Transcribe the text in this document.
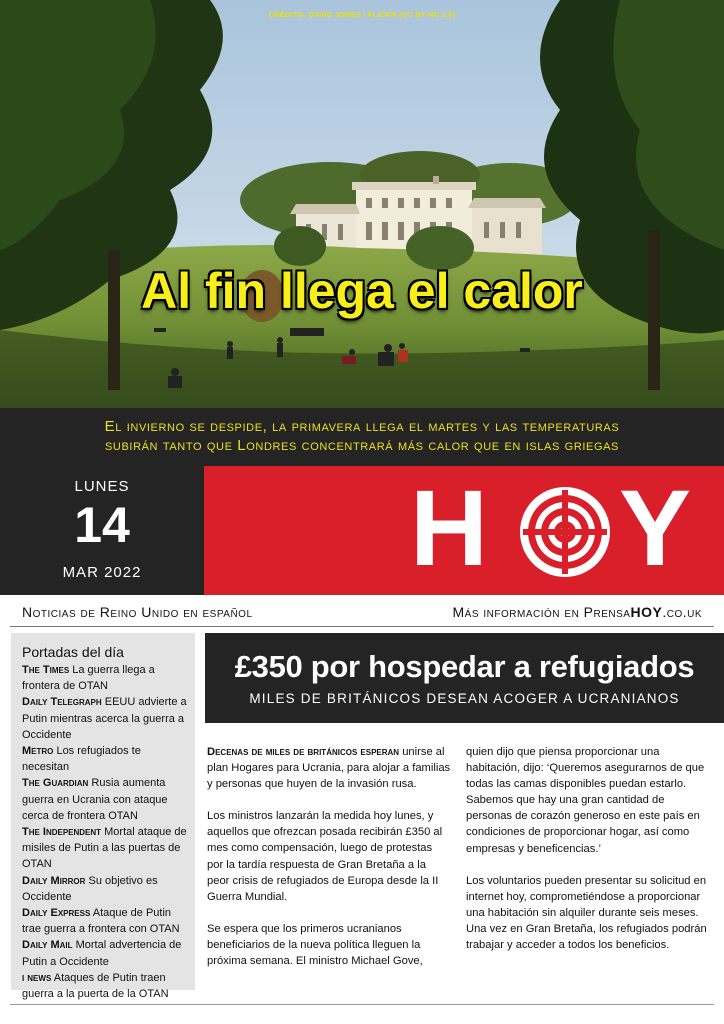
CRÉDITO: DAVID JONES / FLICKR (CC BY-NC 2.0)
Al fin llega el calor

El invierno se despide, la primavera llega el martes y las temperaturas

subirán tanto que Londres concentrará más calor que en islas griegas

LUNES
14
MAR 2022	H Y
Noticias de Reino Unido en español	Más información en PrensaHOY.co.uk
Portadas del día
The Times La guerra llega a frontera de OTAN
Daily Telegraph EEUU advierte a Putin mientras acerca la guerra a Occidente
Metro Los refugiados te necesitan
The Guardian Rusia aumenta guerra en Ucrania con ataque cerca de frontera OTAN
The Independent Mortal ataque de misiles de Putin a las puertas de OTAN
Daily Mirror Su objetivo es Occidente
Daily Express Ataque de Putin trae guerra a frontera con OTAN
Daily Mail Mortal advertencia de Putin a Occidente
i news Ataques de Putin traen guerra a la puerta de la OTAN
£350 por hospedar a refugiados
MILES DE BRITÁNICOS DESEAN ACOGER A UCRANIANOS

Decenas de miles de británicos esperan unirse al plan Hogares para Ucrania, para alojar a familias y personas que huyen de la invasión rusa.

Los ministros lanzarán la medida hoy lunes, y aquellos que ofrezcan posada recibirán £350 al mes como compensación, luego de protestas por la tardía respuesta de Gran Bretaña a la peor crisis de refugiados de Europa desde la II Guerra Mundial.

Se espera que los primeros ucranianos beneficiarios de la nueva política lleguen la próxima semana. El ministro Michael Gove,

quien dijo que piensa proporcionar una habitación, dijo: ‘Queremos asegurarnos de que todas las camas disponibles puedan estarlo. Sabemos que hay una gran cantidad de personas de corazón generoso en este país en condiciones de proporcionar hogar, así como empresas y beneficencias.’

Los voluntarios pueden presentar su solicitud en internet hoy, comprometiéndose a proporcionar una habitación sin alquiler durante seis meses. Una vez en Gran Bretaña, los refugiados podrán trabajar y acceder a todos los beneficios.
